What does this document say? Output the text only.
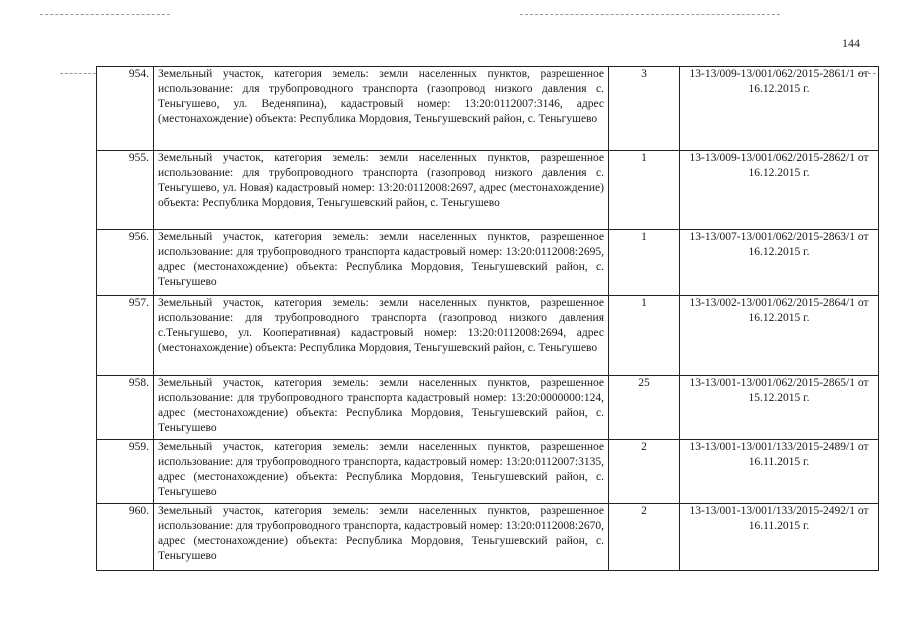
144
954.	Земельный участок, категория земель: земли населенных пунктов, разрешенное использование: для трубопроводного транспорта (газопровод низкого давления с. Теньгушево, ул. Веденяпина), кадастровый номер: 13:20:0112007:3146, адрес (местонахождение) объекта: Республика Мордовия, Теньгушевский район, с. Теньгушево	3	13-13/009-13/001/062/2015-2861/1 от 16.12.2015 г.
955.	Земельный участок, категория земель: земли населенных пунктов, разрешенное использование: для трубопроводного транспорта (газопровод низкого давления с. Теньгушево, ул. Новая) кадастровый номер: 13:20:0112008:2697, адрес (местонахождение) объекта: Республика Мордовия, Теньгушевский район, с. Теньгушево	1	13-13/009-13/001/062/2015-2862/1 от 16.12.2015 г.
956.	Земельный участок, категория земель: земли населенных пунктов, разрешенное использование: для трубопроводного транспорта кадастровый номер: 13:20:0112008:2695, адрес (местонахождение) объекта: Республика Мордовия, Теньгушевский район, с. Теньгушево	1	13-13/007-13/001/062/2015-2863/1 от 16.12.2015 г.
957.	Земельный участок, категория земель: земли населенных пунктов, разрешенное использование: для трубопроводного транспорта (газопровод низкого давления с.Теньгушево, ул. Кооперативная) кадастровый номер: 13:20:0112008:2694, адрес (местонахождение) объекта: Республика Мордовия, Теньгушевский район, с. Теньгушево	1	13-13/002-13/001/062/2015-2864/1 от 16.12.2015 г.
958.	Земельный участок, категория земель: земли населенных пунктов, разрешенное использование: для трубопроводного транспорта кадастровый номер: 13:20:0000000:124, адрес (местонахождение) объекта: Республика Мордовия, Теньгушевский район, с. Теньгушево	25	13-13/001-13/001/062/2015-2865/1 от 15.12.2015 г.
959.	Земельный участок, категория земель: земли населенных пунктов, разрешенное использование: для трубопроводного транспорта, кадастровый номер: 13:20:0112007:3135, адрес (местонахождение) объекта: Республика Мордовия, Теньгушевский район, с. Теньгушево	2	13-13/001-13/001/133/2015-2489/1 от 16.11.2015 г.
960.	Земельный участок, категория земель: земли населенных пунктов, разрешенное использование: для трубопроводного транспорта, кадастровый номер: 13:20:0112008:2670, адрес (местонахождение) объекта: Республика Мордовия, Теньгушевский район, с. Теньгушево	2	13-13/001-13/001/133/2015-2492/1 от 16.11.2015 г.
